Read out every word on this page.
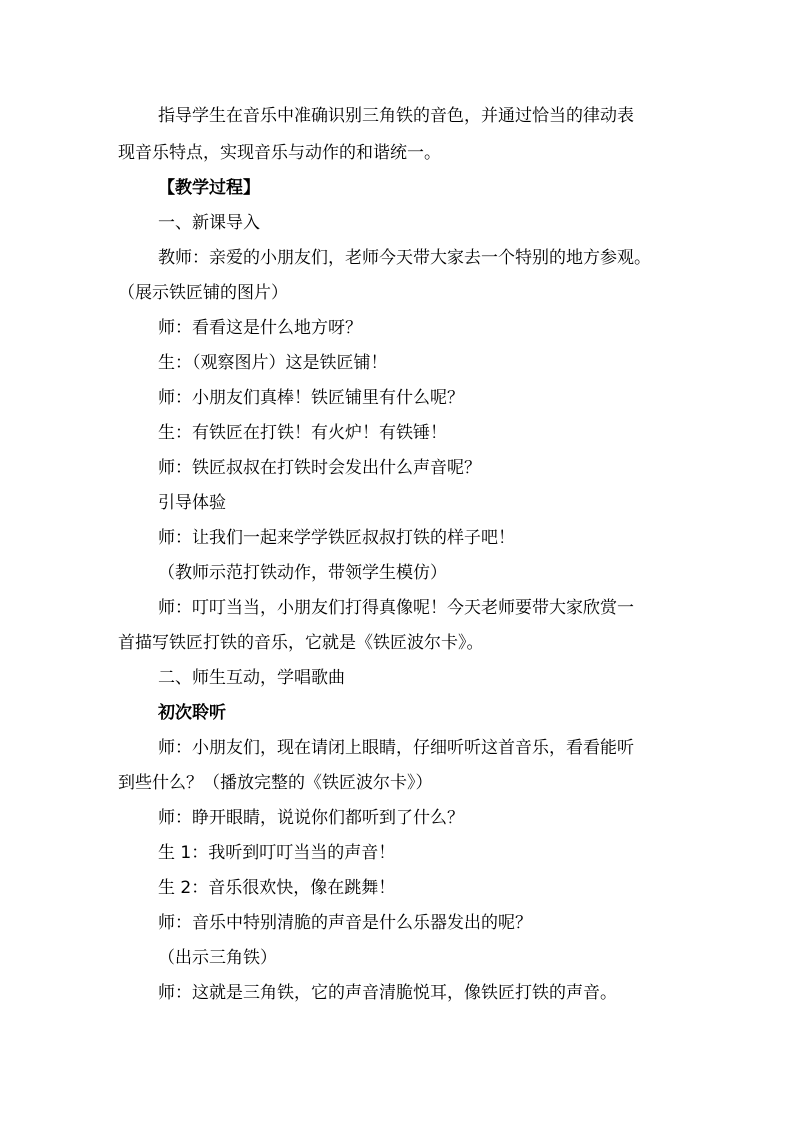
指导学生在音乐中准确识别三角铁的音色，并通过恰当的律动表
现音乐特点，实现音乐与动作的和谐统一。
【教学过程】
一、新课导入
教师：亲爱的小朋友们，老师今天带大家去一个特别的地方参观。
（展示铁匠铺的图片）
师：看看这是什么地方呀？
生：（观察图片）这是铁匠铺！
师：小朋友们真棒！铁匠铺里有什么呢？
生：有铁匠在打铁！有火炉！有铁锤！
师：铁匠叔叔在打铁时会发出什么声音呢？
引导体验
师：让我们一起来学学铁匠叔叔打铁的样子吧！
（教师示范打铁动作，带领学生模仿）
师：叮叮当当，小朋友们打得真像呢！今天老师要带大家欣赏一
首描写铁匠打铁的音乐，它就是《铁匠波尔卡》。
二、师生互动，学唱歌曲
初次聆听
师：小朋友们，现在请闭上眼睛，仔细听听这首音乐，看看能听
到些什么？（播放完整的《铁匠波尔卡》）
师：睁开眼睛，说说你们都听到了什么？
生 1：我听到叮叮当当的声音！
生 2：音乐很欢快，像在跳舞！
师：音乐中特别清脆的声音是什么乐器发出的呢？
（出示三角铁）
师：这就是三角铁，它的声音清脆悦耳，像铁匠打铁的声音。
